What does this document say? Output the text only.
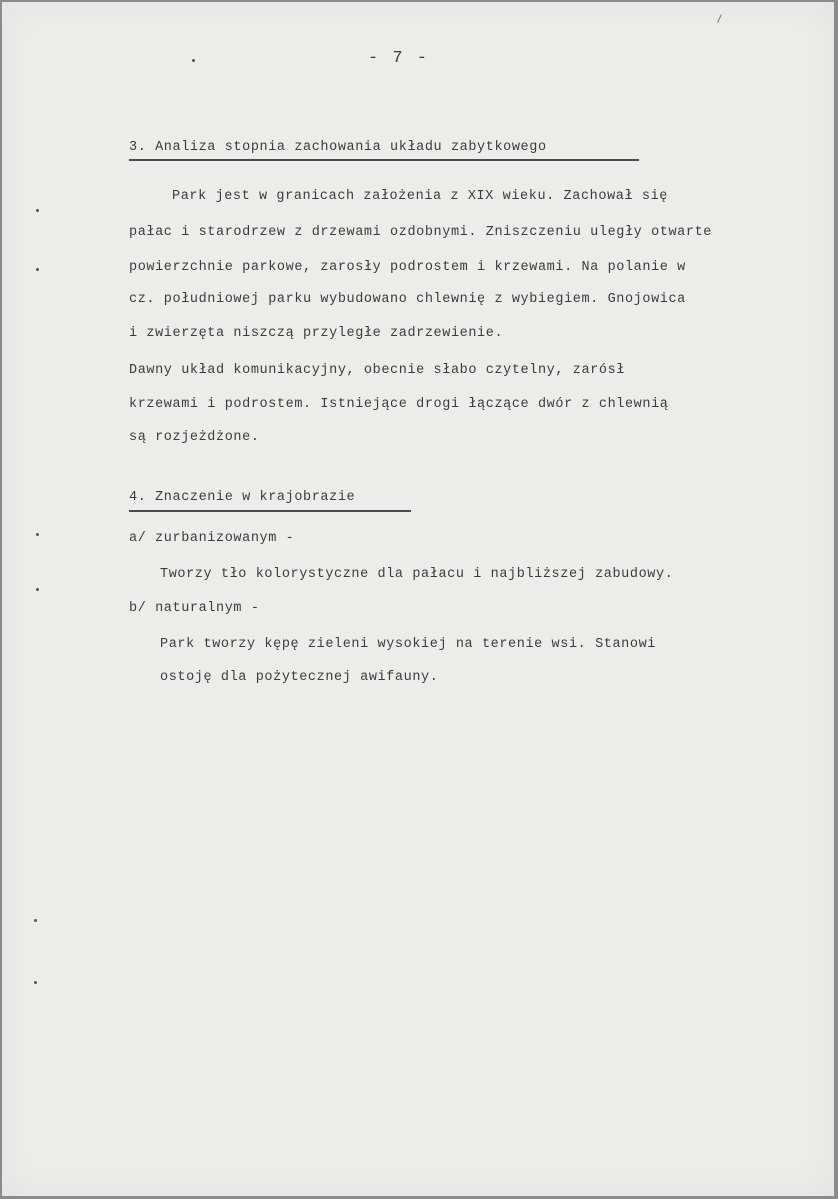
- 7 -
3. Analiza stopnia zachowania układu zabytkowego
Park jest w granicach założenia z XIX wieku. Zachował się
pałac i starodrzew z drzewami ozdobnymi. Zniszczeniu uległy otwarte
powierzchnie parkowe, zarosły podrostem i krzewami. Na polanie w
cz. południowej parku wybudowano chlewnię z wybiegiem. Gnojowica
i zwierzęta niszczą przyległe zadrzewienie.
Dawny układ komunikacyjny, obecnie słabo czytelny, zarósł
krzewami i podrostem. Istniejące drogi łączące dwór z chlewnią
są rozjeżdżone.
4. Znaczenie w krajobrazie
a/ zurbanizowanym -
Tworzy tło kolorystyczne dla pałacu i najbliższej zabudowy.
b/ naturalnym -
Park tworzy kępę zieleni wysokiej na terenie wsi. Stanowi
ostoję dla pożytecznej awifauny.
